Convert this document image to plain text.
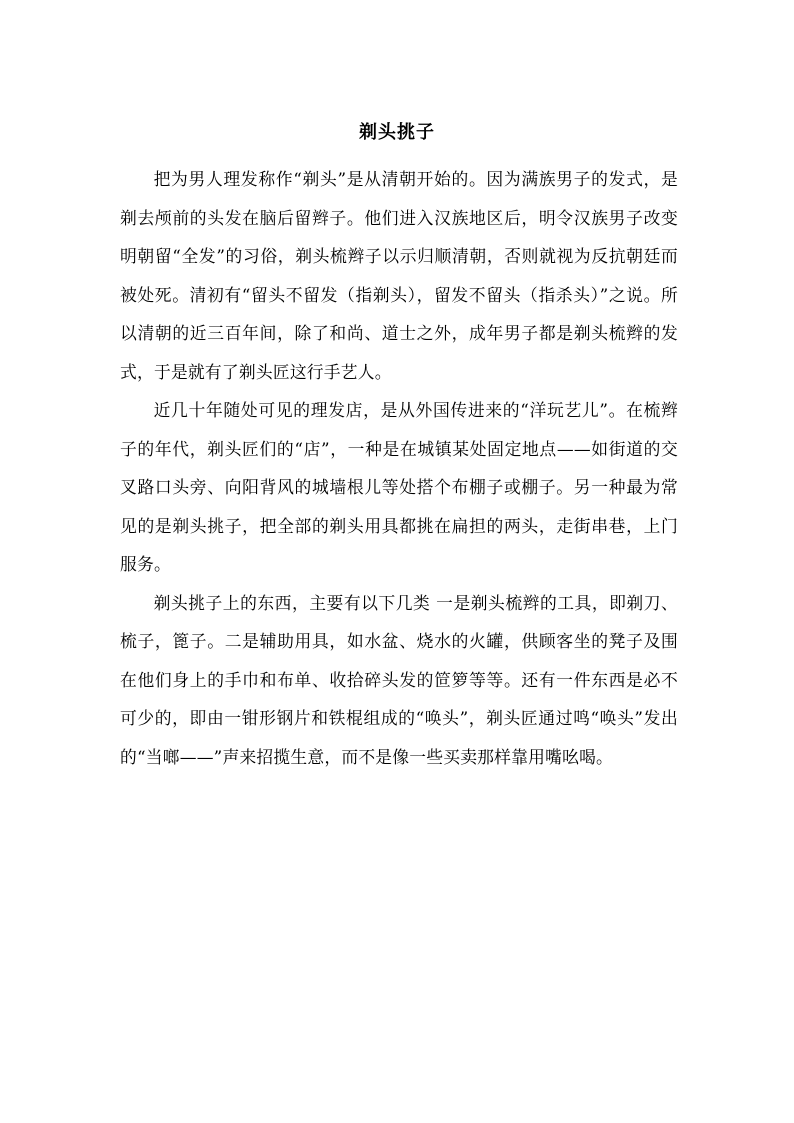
剃头挑子

把为男人理发称作“剃头”是从清朝开始的。因为满族男子的发式，是剃去颅前的头发在脑后留辫子。他们进入汉族地区后，明令汉族男子改变明朝留“全发”的习俗，剃头梳辫子以示归顺清朝，否则就视为反抗朝廷而被处死。清初有“留头不留发（指剃头），留发不留头（指杀头）”之说。所以清朝的近三百年间，除了和尚、道士之外，成年男子都是剃头梳辫的发式，于是就有了剃头匠这行手艺人。

近几十年随处可见的理发店，是从外国传进来的“洋玩艺儿”。在梳辫子的年代，剃头匠们的“店”，一种是在城镇某处固定地点——如街道的交叉路口头旁、向阳背风的城墙根儿等处搭个布棚子或棚子。另一种最为常见的是剃头挑子，把全部的剃头用具都挑在扁担的两头，走街串巷，上门服务。

剃头挑子上的东西，主要有以下几类 一是剃头梳辫的工具，即剃刀、梳子，篦子。二是辅助用具，如水盆、烧水的火罐，供顾客坐的凳子及围在他们身上的手巾和布单、收拾碎头发的笸箩等等。还有一件东西是必不可少的，即由一钳形钢片和铁棍组成的“唤头”，剃头匠通过鸣“唤头”发出的“当啷——”声来招揽生意，而不是像一些买卖那样靠用嘴吆喝。
